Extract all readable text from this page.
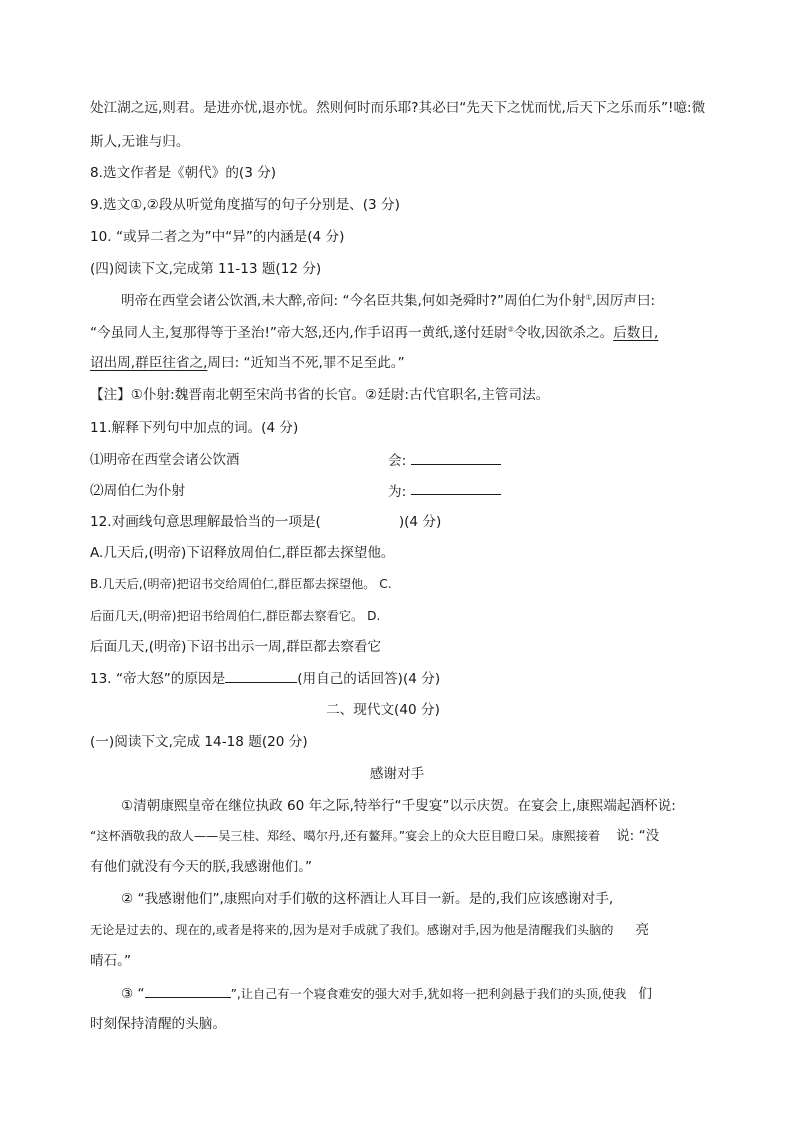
处江湖之远,则君。是进亦忧,退亦忧。然则何时而乐耶?其必曰“先天下之忧而忧,后天下之乐而乐”!噫:微
斯人,无谁与归。
8.选文作者是《朝代》的(3 分)
9.选文①,②段从听觉角度描写的句子分别是、(3 分)
10. “或异二者之为”中“异”的内涵是(4 分)
(四)阅读下文,完成第 11-13 题(12 分)
明帝在西堂会诸公饮酒,未大醉,帝问: “今名臣共集,何如尧舜时?”周伯仁为仆射①,因厉声曰:
“今虽同人主,复那得等于圣治!”帝大怒,还内,作手诏再一黄纸,遂付廷尉②令收,因欲杀之。后数日,
诏出周,群臣往省之,周曰: “近知当不死,罪不足至此。”
【注】①仆射:魏晋南北朝至宋尚书省的长官。②廷尉:古代官职名,主管司法。
11.解释下列句中加点的词。(4 分)
⑴明帝在西堂会诸公饮酒	会:
⑵周伯仁为仆射	为:
12.对画线句意思理解最恰当的一项是(	)(4 分)
A.几天后,(明帝)下诏释放周伯仁,群臣都去探望他。
B.几天后,(明帝)把诏书交给周伯仁,群臣都去探望他。 C.
后面几天,(明帝)把诏书给周伯仁,群臣都去察看它。 D.
后面几天,(明帝)下诏书出示一周,群臣都去察看它
13. “帝大怒”的原因是	(用自己的话回答)(4 分)
二、现代文(40 分)
(一)阅读下文,完成 14-18 题(20 分)
感谢对手
①清朝康熙皇帝在继位执政 60 年之际,特举行“千叟宴”以示庆贺。在宴会上,康熙端起酒杯说:
“这杯酒敬我的敌人——吴三桂、郑经、噶尔丹,还有鳌拜。”宴会上的众大臣目瞪口呆。康熙接着 说: “没
有他们就没有今天的朕,我感谢他们。”
② “我感谢他们”,康熙向对手们敬的这杯酒让人耳目一新。是的,我们应该感谢对手,
无论是过去的、现在的,或者是将来的,因为是对手成就了我们。感谢对手,因为他是清醒我们头脑的 亮
晴石。”
③ “	”,让自己有一个寝食难安的强大对手,犹如将一把利剑悬于我们的头顶,使我 们
时刻保持清醒的头脑。
